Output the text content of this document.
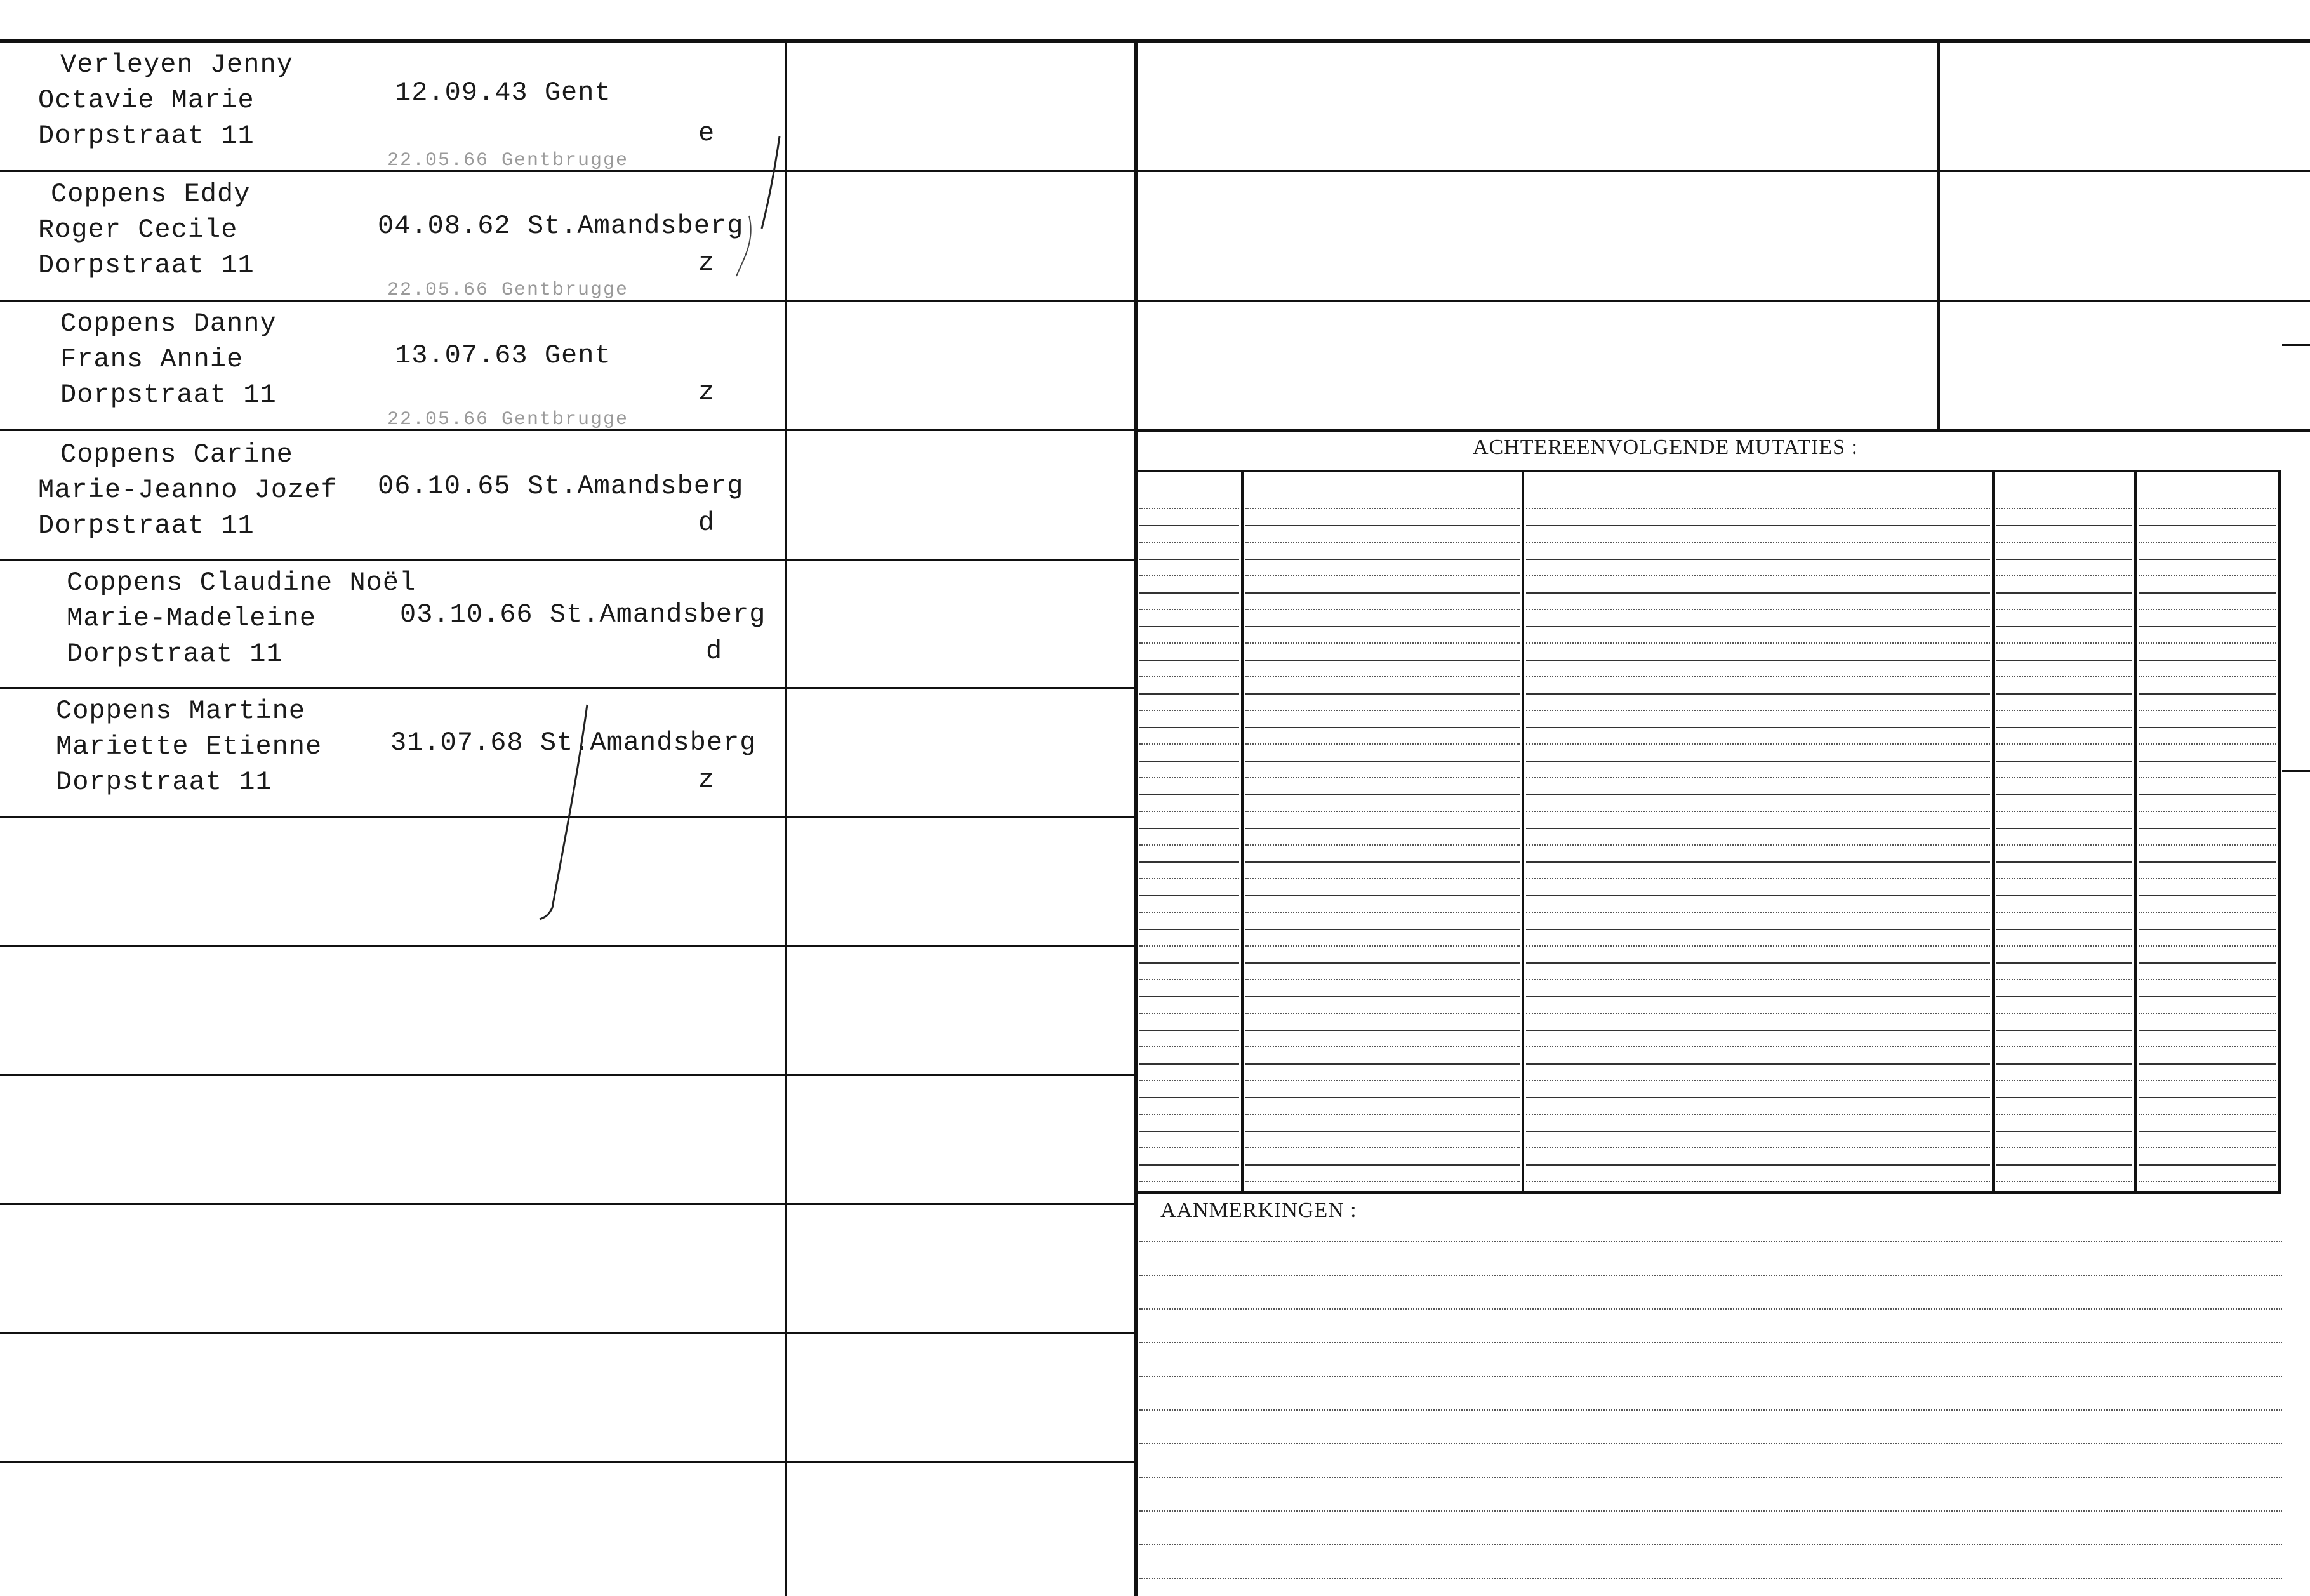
Verleyen Jenny
Octavie Marie
Dorpstraat 11
12.09.43 Gent
e
22.05.66 Gentbrugge
Coppens Eddy
Roger Cecile
Dorpstraat 11
04.08.62 St.Amandsberg
z
22.05.66 Gentbrugge
Coppens Danny
Frans Annie
Dorpstraat 11
13.07.63 Gent
z
22.05.66 Gentbrugge
Coppens Carine
Marie-Jeanno Jozef
Dorpstraat 11
06.10.65 St.Amandsberg
d
Coppens Claudine Noël
Marie-Madeleine
Dorpstraat 11
03.10.66 St.Amandsberg
d
Coppens Martine
Mariette Etienne
Dorpstraat 11
31.07.68 St.Amandsberg
z
ACHTEREENVOLGENDE MUTATIES :
AANMERKINGEN :
